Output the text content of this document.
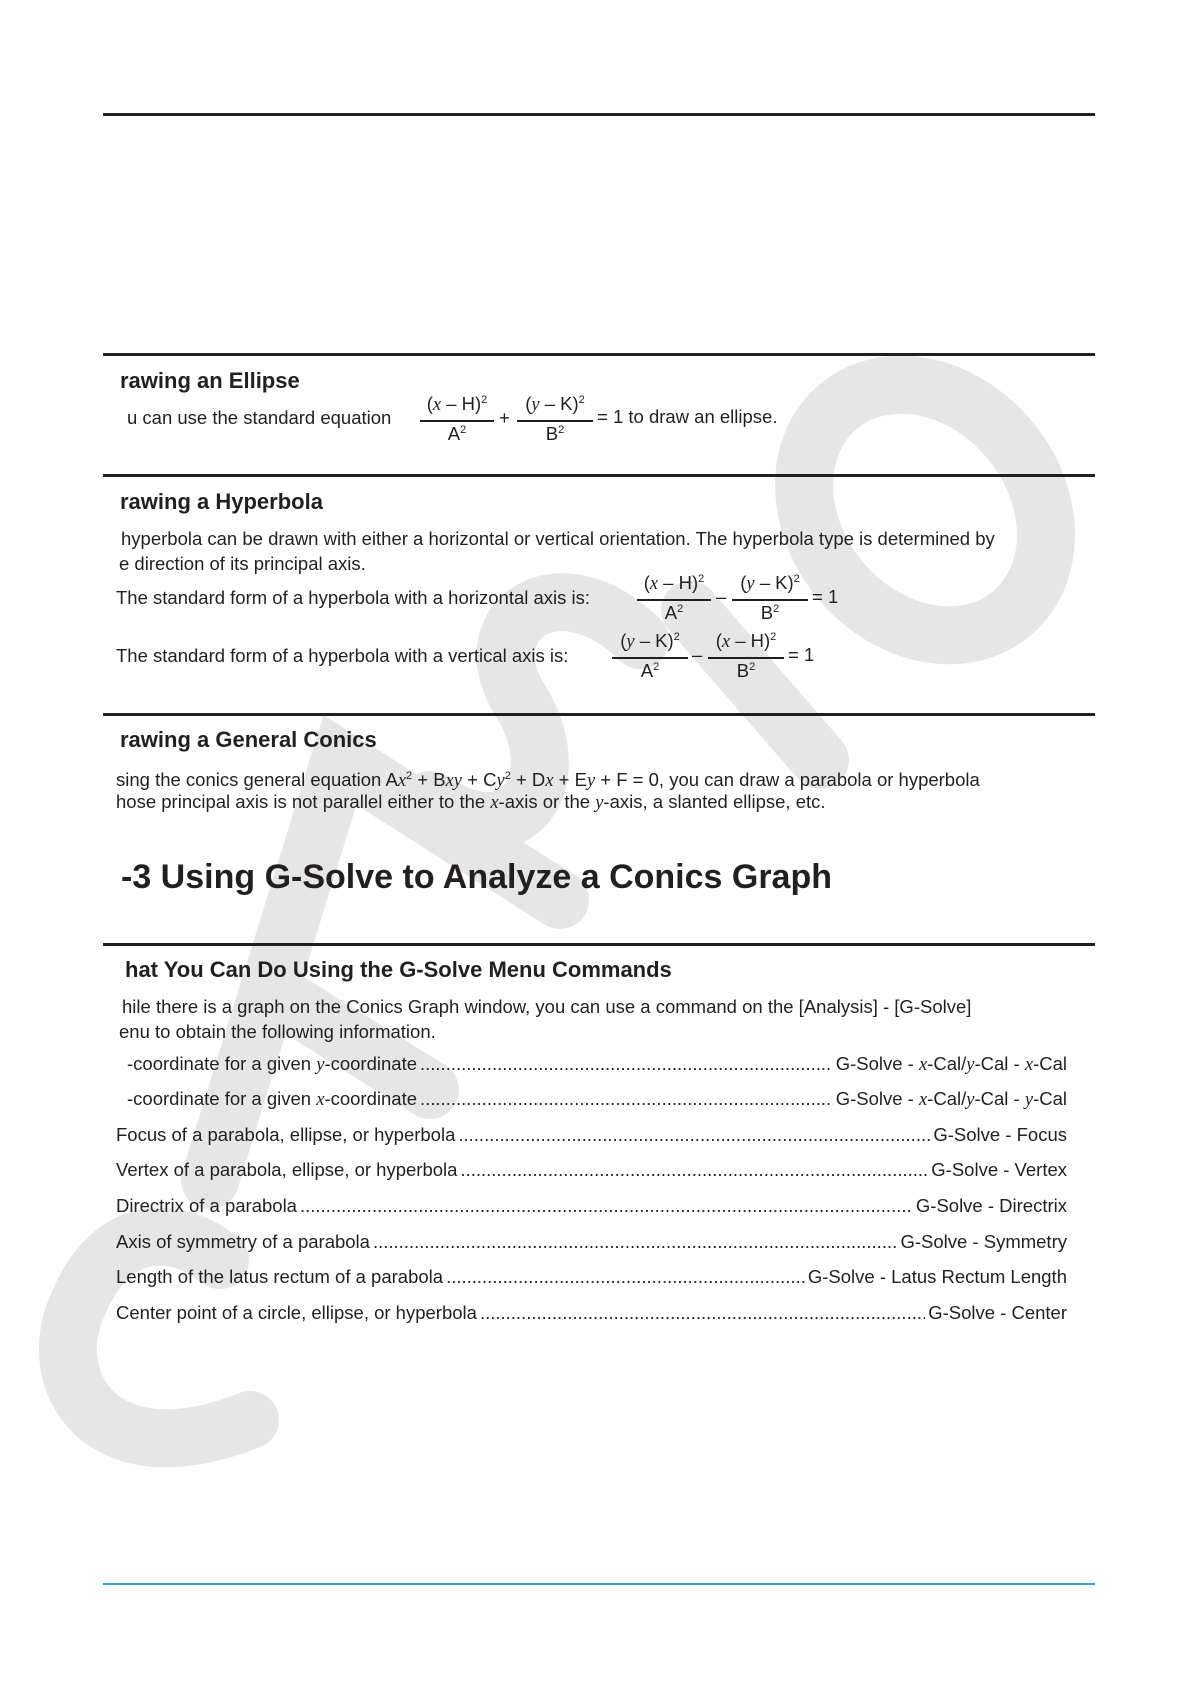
rawing an Ellipse
u can use the standard equation
(x – H)$^2$
$A^2$
+
(y – K)$^2$
$B^2$
= 1 to draw an ellipse.
rawing a Hyperbola
hyperbola can be drawn with either a horizontal or vertical orientation. The hyperbola type is determined by
e direction of its principal axis.
The standard form of a hyperbola with a horizontal axis is:
(x – H)$^2$
$A^2$
–
(y – K)$^2$
$B^2$
= 1
The standard form of a hyperbola with a vertical axis is:
(y – K)$^2$
$A^2$
–
(x – H)$^2$
$B^2$
= 1
rawing a General Conics
sing the conics general equation $Ax^2$ + Bxy + $Cy^2 + Dx + Ey + F = 0$, you can draw a parabola or hyperbola
hose principal axis is not parallel either to the x-axis or the y-axis, a slanted ellipse, etc.
-3 Using G-Solve to Analyze a Conics Graph
hat You Can Do Using the G-Solve Menu Commands
hile there is a graph on the Conics Graph window, you can use a command on the [Analysis] - [G-Solve]
enu to obtain the following information.
-coordinate for a given y-coordinate .....	G-Solve - x-Cal/y-Cal - x-Cal
-coordinate for a given x-coordinate .....	G-Solve - x-Cal/y-Cal - y-Cal
Focus of a parabola, ellipse, or hyperbola .....	G-Solve - Focus
Vertex of a parabola, ellipse, or hyperbola .....	G-Solve - Vertex
Directrix of a parabola .....	G-Solve - Directrix
Axis of symmetry of a parabola .....	G-Solve - Symmetry
Length of the latus rectum of a parabola .....	G-Solve - Latus Rectum Length
Center point of a circle, ellipse, or hyperbola .....	G-Solve - Center
